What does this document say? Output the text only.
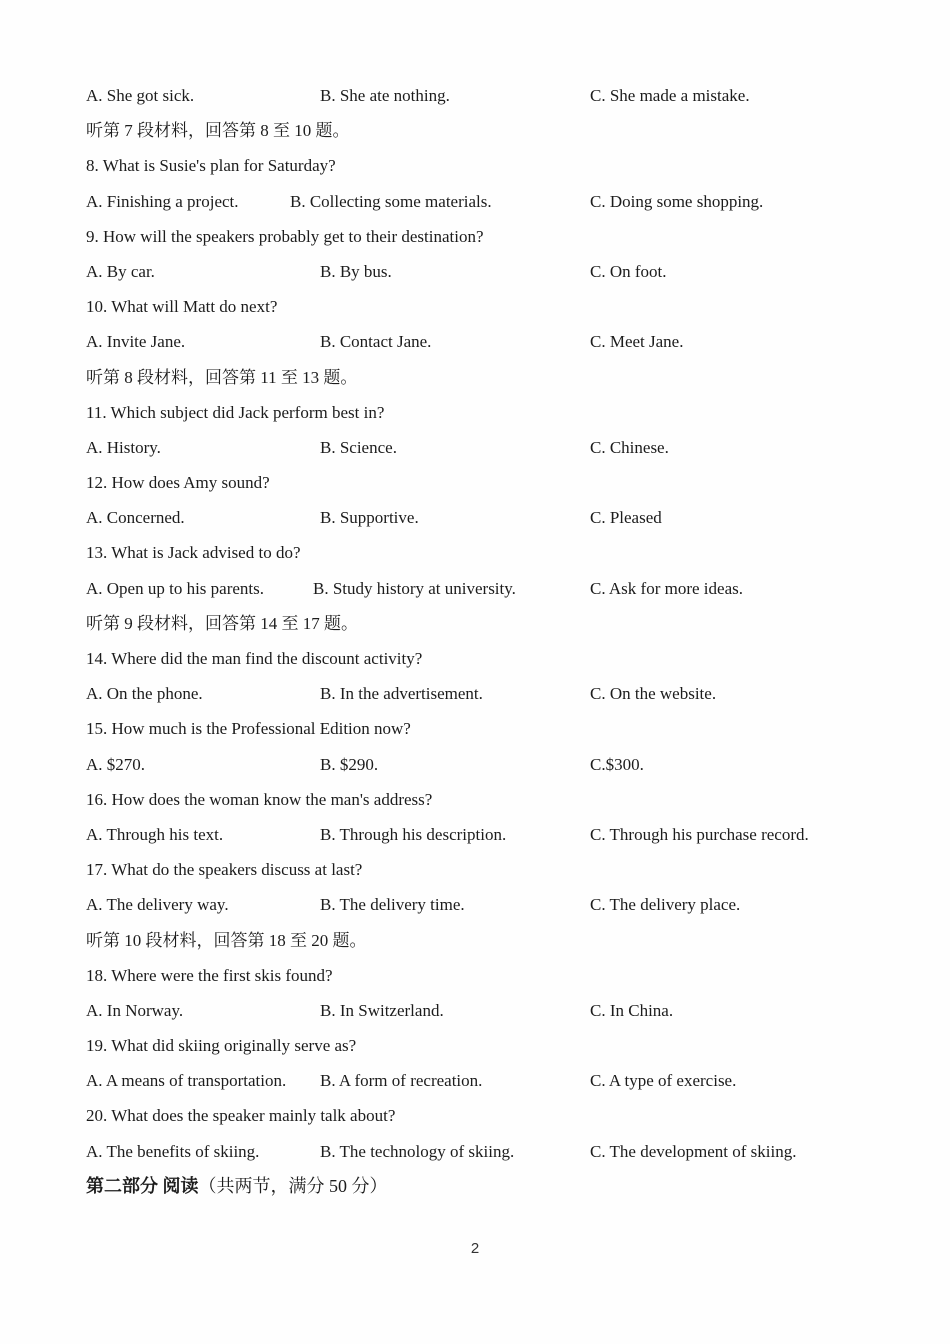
A. She got sick.	B. She ate nothing.	C. She made a mistake.
听第 7 段材料，回答第 8 至 10 题。
8. What is Susie's plan for Saturday?
A. Finishing a project.	B. Collecting some materials.	C. Doing some shopping.
9. How will the speakers probably get to their destination?
A. By car.	B. By bus.	C. On foot.
10. What will Matt do next?
A. Invite Jane.	B. Contact Jane.	C. Meet Jane.
听第 8 段材料，回答第 11 至 13 题。
11. Which subject did Jack perform best in?
A. History.	B. Science.	C. Chinese.
12. How does Amy sound?
A. Concerned.	B. Supportive.	C. Pleased
13. What is Jack advised to do?
A. Open up to his parents.	B. Study history at university.	C. Ask for more ideas.
听第 9 段材料，回答第 14 至 17 题。
14. Where did the man find the discount activity?
A. On the phone.	B. In the advertisement.	C. On the website.
15. How much is the Professional Edition now?
A. $270.	B. $290.	C.$300.
16. How does the woman know the man's address?
A. Through his text.	B. Through his description.	C. Through his purchase record.
17. What do the speakers discuss at last?
A. The delivery way.	B. The delivery time.	C. The delivery place.
听第 10 段材料，回答第 18 至 20 题。
18. Where were the first skis found?
A. In Norway.	B. In Switzerland.	C. In China.
19. What did skiing originally serve as?
A. A means of transportation. B. A form of recreation.	C. A type of exercise.
20. What does the speaker mainly talk about?
A. The benefits of skiing.	B. The technology of skiing.	C. The development of skiing.
第二部分 阅读（共两节，满分 50 分）
2
